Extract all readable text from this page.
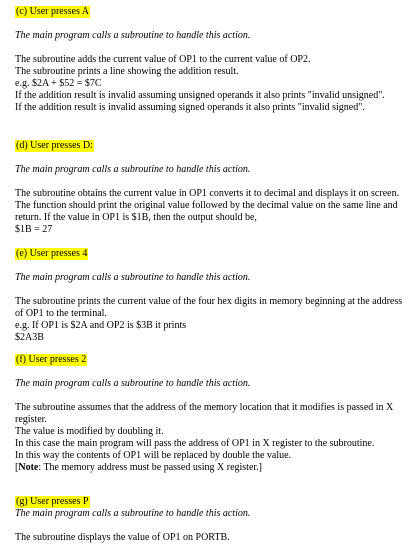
(c) User presses A

The main program calls a subroutine to handle this action.

The subroutine adds the current value of OP1 to the current value of OP2.

The subroutine prints a line showing the addition result.

e.g. $2A + $52 = $7C

If the addition result is invalid assuming unsigned operands it also prints "invalid unsigned".

If the addition result is invalid assuming signed operands it also prints "invalid signed".

(d) User presses D:

The main program calls a subroutine to handle this action.

The subroutine obtains the current value in OP1 converts it to decimal and displays it on screen. The function should print the original value followed by the decimal value on the same line and return. If the value in OP1 is $1B, then the output should be,

$1B = 27

(e) User presses 4

The main program calls a subroutine to handle this action.

The subroutine prints the current value of the four hex digits in memory beginning at the address of OP1 to the terminal.

e.g. If OP1 is $2A and OP2 is $3B it prints

$2A3B

(f) User presses 2

The main program calls a subroutine to handle this action.

The subroutine assumes that the address of the memory location that it modifies is passed in X register.

The value is modified by doubling it.

In this case the main program will pass the address of OP1 in X register to the subroutine.

In this way the contents of OP1 will be replaced by double the value.

[Note: The memory address must be passed using X register.]

(g) User presses P

The main program calls a subroutine to handle this action.

The subroutine displays the value of OP1 on PORTB.
